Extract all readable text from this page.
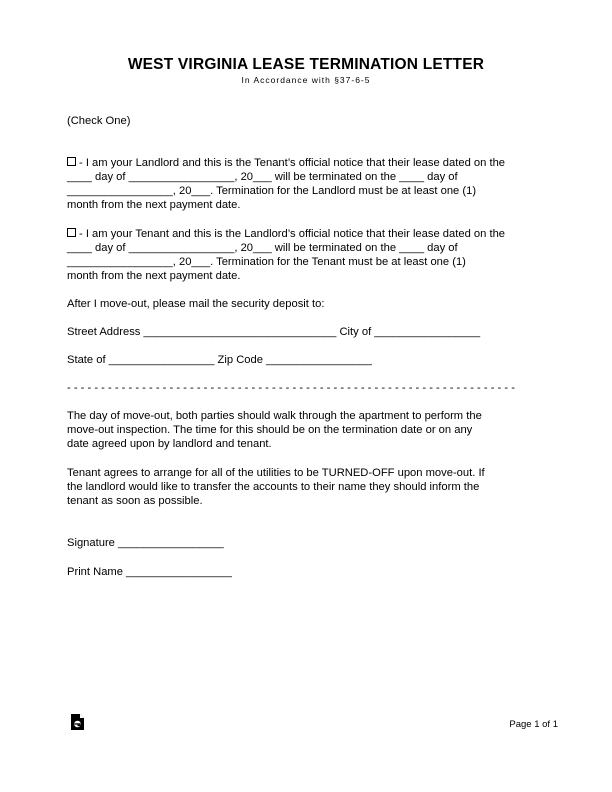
WEST VIRGINIA LEASE TERMINATION LETTER
In Accordance with §37-6-5
(Check One)
- I am your Landlord and this is the Tenant’s official notice that their lease dated on the
____ day of _________________, 20___ will be terminated on the ____ day of
_________________, 20___. Termination for the Landlord must be at least one (1)
month from the next payment date.
- I am your Tenant and this is the Landlord’s official notice that their lease dated on the
____ day of _________________, 20___ will be terminated on the ____ day of
_________________, 20___. Termination for the Tenant must be at least one (1)
month from the next payment date.
After I move-out, please mail the security deposit to:
Street Address _______________________________ City of _________________
State of _________________ Zip Code _________________
- - - - - - - - - - - - - - - - - - - - - - - - - - - - - - - - - - - - - - - - - - - - - - - - - - - - - - - - - - - - - - - - - -
The day of move-out, both parties should walk through the apartment to perform the
move-out inspection. The time for this should be on the termination date or on any
date agreed upon by landlord and tenant.
Tenant agrees to arrange for all of the utilities to be TURNED-OFF upon move-out. If
the landlord would like to transfer the accounts to their name they should inform the
tenant as soon as possible.
Signature _________________
Print Name _________________
Page 1 of 1
